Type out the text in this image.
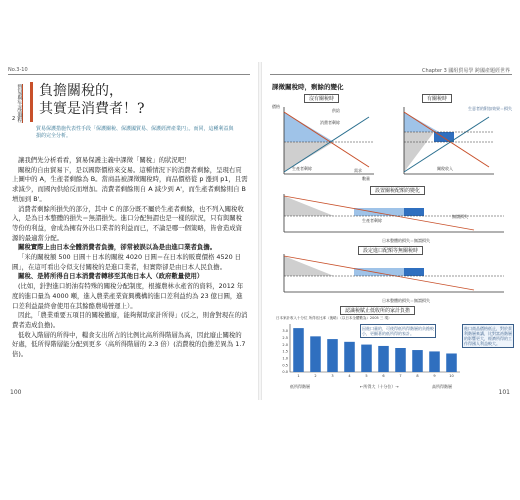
No.3-10
貿易與生產過程
2
負擔關稅的，
其實是消費者！?
貿易保護措施代表性手段「保護關稅、保護國貿易、保護經濟產業円」。而同，這種利益與損的完全分析。

讓我們先分析看看，貿易保護主義中課徵「關稅」的狀況吧！

關稅的自由貿易下，是以國際價格來交易。這種情況下的消費者剩餘，呈現右頁上圖中的 A，生產者剩餘為 B。當商品被課徵關稅時，商品價格從 p 漲到 p1，且需求減少，而國內供給反而增加。消費者剩餘則自 A 減少到 A'，而生產者剩餘則自 B 增加到 B'。

消費者剩餘所損失的部分，其中 C 的部分既不屬於生產者剩餘，也不列入關稅收入，是為日本整體的損失＝無謂損失。進口分配無謂也是一樣的狀況，只有與關稅等份的利益，會成為擁有外出口業者的利益而已，不論是哪一個策略，皆會造成資源的最適當分配。

關稅實際上由日本全體消費者負擔，卻常被誤以為是由進口業者負擔。

「米的關稅額 500 日圓＋日本的關稅 4020 日圓＝在日本的販賣價格 4520 日圓」，在這可看出令似支付關稅的是進口業者，但實際卻是由日本人民負擔。

關稅、是將所得自日本消費者轉移至其他日本人（政府數量使用）

(比如，針對進口奶油有特殊的關稅分配制度，根據農林水產省的資料，2012 年度的進口量為 4000 噸，進入農業產業資興機構的進口差利益約為 23 億日圓，進口差利益最終會使用在其餘酪農場營運上）。

因此，「農業重要五項目的關稅撤廢，能夠幫助家計所得」(反之，則會對現在的消費者造成負擔)。

低收入階層的所得中，糧食支出所占的比例比高所得階層為高，因此廢止關稅的好處，低所得階層能分配到更多（高所得階層的 2.3 倍）(消費稅的負擔差異為 1.7 倍)。

100
Chapter 3 國組貿易學 跨國產題經世界
課徵關稅時，剩餘的變化
沒有關稅時
價格
供給
消費者剩餘
生產者剩餘	需求
數量
有關稅時
生意者的附加效果＝損失
關稅收入
設置關稅配額的變化
生產者剩餘
無謂損失
日本整體的損失＝無謂損失
設定進口配額等無關稅時
日本整體的損失＝無謂損失
認識稅賦止低收所的家計負擔
日本家計收入十分位 所得佔比率（後略）（以日本全體數為）2005 三 現）
3.0
2.5
2.0
1.5
1.0
0.5
0.0
1	2	3	4	5	6	7	8	9	10
因進口量的，可使得低所得階層的負擔較小，更顯著的低所得的家計。
進口商品價格低止，對於貧利階層來講，比對富裕階層的影響更大，經濟所得的工作得國人利益較大。
低所得階層	←所得大（十分位）→	高所得階層
101
